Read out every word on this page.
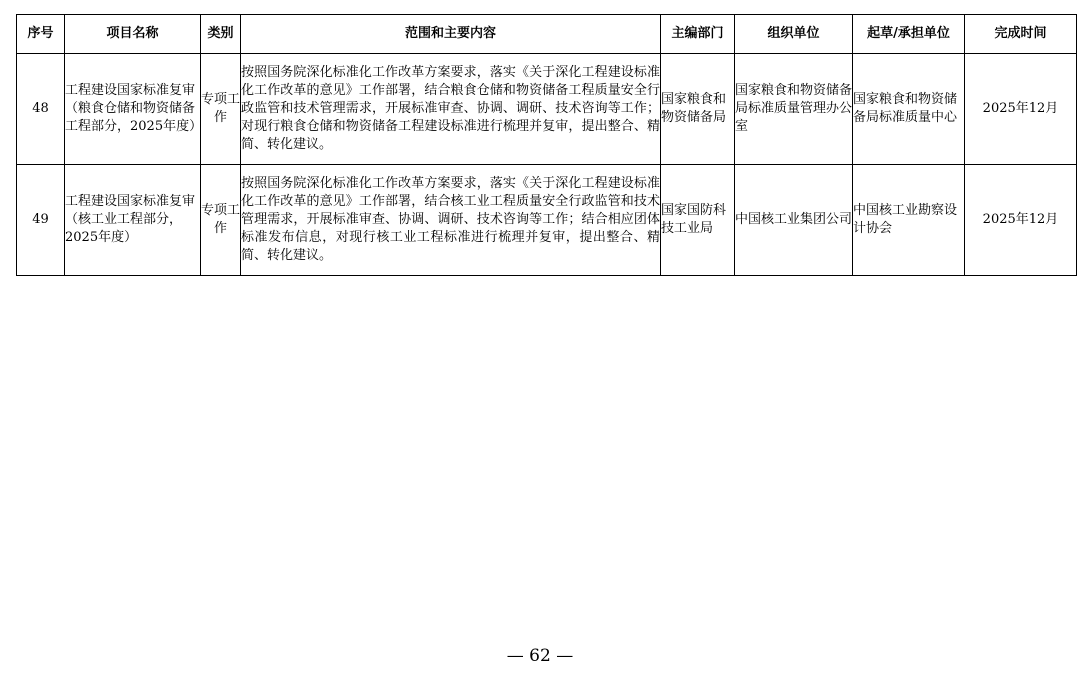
序号	项目名称	类别	范围和主要内容	主编部门	组织单位	起草/承担单位	完成时间
48	工程建设国家标准复审（粮食仓储和物资储备工程部分，2025年度）	专项工作	按照国务院深化标准化工作改革方案要求，落实《关于深化工程建设标准化工作改革的意见》工作部署，结合粮食仓储和物资储备工程质量安全行政监管和技术管理需求，开展标准审查、协调、调研、技术咨询等工作；对现行粮食仓储和物资储备工程建设标准进行梳理并复审，提出整合、精简、转化建议。	国家粮食和物资储备局	国家粮食和物资储备局标准质量管理办公室	国家粮食和物资储备局标准质量中心	2025年12月
49	工程建设国家标准复审（核工业工程部分，2025年度）	专项工作	按照国务院深化标准化工作改革方案要求，落实《关于深化工程建设标准化工作改革的意见》工作部署，结合核工业工程质量安全行政监管和技术管理需求，开展标准审查、协调、调研、技术咨询等工作；结合相应团体标准发布信息，对现行核工业工程标准进行梳理并复审，提出整合、精简、转化建议。	国家国防科技工业局	中国核工业集团公司	中国核工业勘察设计协会	2025年12月
— 62 —
